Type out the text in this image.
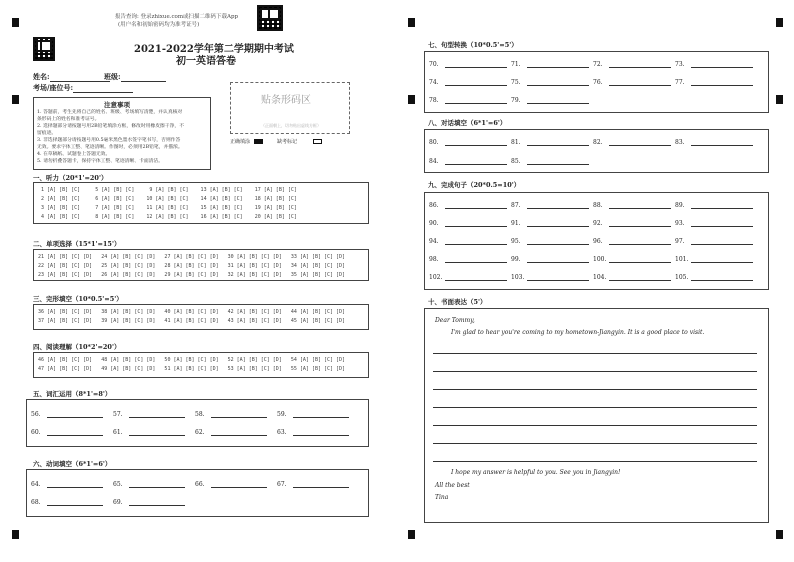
报告查询: 登录zhixue.com或扫描二维码下载App
(用户名和初始密码均为准考证号)
2021-2022学年第二学期期中考试
初一英语答卷
姓名:	班级:
考场/座位号:
注意事项
1. 答题前，考生先将自己的姓名、班级、考场填写清楚，并认真核对
条形码上的姓名和准考证号。
2. 选择题部分请按题号用2B铅笔填涂方框，修改时用橡皮擦干净，不
留痕迹。
3. 非选择题部分请按题号用0.5毫米黑色墨水签字笔书写，否则作答
无效。要求字体工整、笔迹清晰。作图时，必须用2B铅笔，并描浓。
4. 在草稿纸、试题卷上答题无效。
5. 请勿折叠答题卡，保持字体工整、笔迹清晰、卡面清洁。
贴条形码区
（正面朝上，切勿贴出虚线方框）
正确填涂	缺考标记
一、听力（20*1'=20'）
1 [A] [B] [C]     5 [A] [B] [C]     9 [A] [B] [C]    13 [A] [B] [C]    17 [A] [B] [C]
2 [A] [B] [C]     6 [A] [B] [C]    10 [A] [B] [C]    14 [A] [B] [C]    18 [A] [B] [C]
3 [A] [B] [C]     7 [A] [B] [C]    11 [A] [B] [C]    15 [A] [B] [C]    19 [A] [B] [C]
4 [A] [B] [C]     8 [A] [B] [C]    12 [A] [B] [C]    16 [A] [B] [C]    20 [A] [B] [C]
二、单项选择（15*1'=15'）
21 [A] [B] [C] [D]   24 [A] [B] [C] [D]   27 [A] [B] [C] [D]   30 [A] [B] [C] [D]   33 [A] [B] [C] [D]
22 [A] [B] [C] [D]   25 [A] [B] [C] [D]   28 [A] [B] [C] [D]   31 [A] [B] [C] [D]   34 [A] [B] [C] [D]
23 [A] [B] [C] [D]   26 [A] [B] [C] [D]   29 [A] [B] [C] [D]   32 [A] [B] [C] [D]   35 [A] [B] [C] [D]
三、完形填空（10*0.5'=5'）
36 [A] [B] [C] [D]   38 [A] [B] [C] [D]   40 [A] [B] [C] [D]   42 [A] [B] [C] [D]   44 [A] [B] [C] [D]
37 [A] [B] [C] [D]   39 [A] [B] [C] [D]   41 [A] [B] [C] [D]   43 [A] [B] [C] [D]   45 [A] [B] [C] [D]
四、阅读理解（10*2'=20'）
46 [A] [B] [C] [D]   48 [A] [B] [C] [D]   50 [A] [B] [C] [D]   52 [A] [B] [C] [D]   54 [A] [B] [C] [D]
47 [A] [B] [C] [D]   49 [A] [B] [C] [D]   51 [A] [B] [C] [D]   53 [A] [B] [C] [D]   55 [A] [B] [C] [D]
五、词汇运用（8*1'=8'）
56.	57.	58.	59.
60.	61.	62.	63.
六、动词填空（6*1'=6'）
64.	65.	66.	67.
68.	69.
七、句型转换（10*0.5'=5'）
70.	71.	72.	73.
74.	75.	76.	77.
78.	79.
八、对话填空（6*1'=6'）
80.	81.	82.	83.
84.	85.
九、完成句子（20*0.5=10'）
86.	87.	88.	89.
90.	91.	92.	93.
94.	95.	96.	97.
98.	99.	100.	101.
102.	103.	104.	105.
十、书面表达（5'）
Dear Tommy,
I'm glad to hear you're coming to my hometown-Jiangyin. It is a good place to visit.
I hope my answer is helpful to you. See you in Jiangyin!
All the best
Tina
